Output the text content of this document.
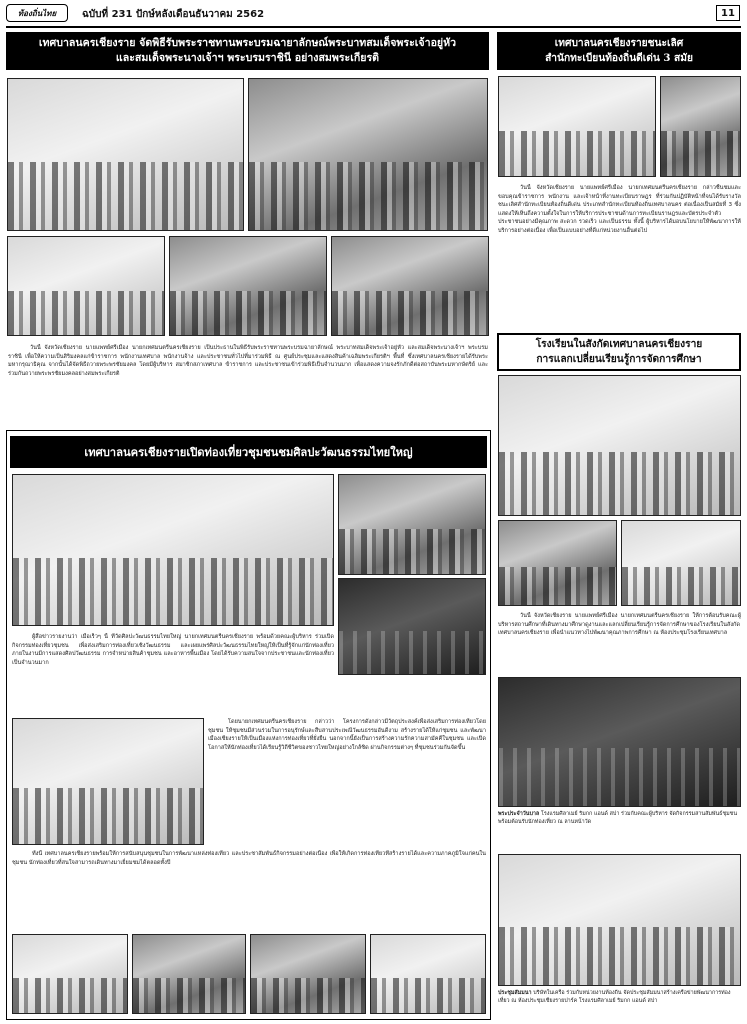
ท้องถิ่นไทย	ฉบับที่ 231 ปักษ์หลังเดือนธันวาคม 2562	11
เทศบาลนครเชียงราย จัดพิธีรับพระราชทานพระบรมฉายาลักษณ์พระบาทสมเด็จพระเจ้าอยู่หัว
และสมเด็จพระนางเจ้าฯ พระบรมราชินี อย่างสมพระเกียรติ
วันนี้ จังหวัดเชียงราย นายแพทย์ศรีเมือง นายกเทศมนตรีนครเชียงราย เป็นประธานในพิธีรับพระราชทานพระบรมฉายาลักษณ์ พระบาทสมเด็จพระเจ้าอยู่หัว และสมเด็จพระนางเจ้าฯ พระบรมราชินี เพื่อให้ความเป็นสิริมงคลแก่ข้าราชการ พนักงานเทศบาล พนักงานจ้าง และประชาชนทั่วไปที่มาร่วมพิธี ณ ศูนย์ประชุมและแสดงสินค้าเฉลิมพระเกียรติฯ พื้นที่ ซึ่งเทศบาลนครเชียงรายได้รับพระมหากรุณาธิคุณ จากนั้นได้จัดพิธีถวายพระพรชัยมงคล โดยมีผู้บริหาร สมาชิกสภาเทศบาล ข้าราชการ และประชาชนเข้าร่วมพิธีเป็นจำนวนมาก เพื่อแสดงความจงรักภักดีต่อสถาบันพระมหากษัตริย์ และร่วมกันถวายพระพรชัยมงคลอย่างสมพระเกียรติ
เทศบาลนครเชียงรายชนะเลิศ
สำนักทะเบียนท้องถิ่นดีเด่น 3 สมัย
วันนี้ จังหวัดเชียงราย นายแพทย์ศรีเมือง นายกเทศมนตรีนครเชียงราย กล่าวชื่นชมและขอบคุณข้าราชการ พนักงาน และเจ้าหน้าที่งานทะเบียนราษฎร ที่ร่วมกันปฏิบัติหน้าที่จนได้รับรางวัลชนะเลิศสำนักทะเบียนท้องถิ่นดีเด่น ประเภทสำนักทะเบียนท้องถิ่นเทศบาลนคร ต่อเนื่องเป็นสมัยที่ 3 ซึ่งแสดงให้เห็นถึงความตั้งใจในการให้บริการประชาชนด้านการทะเบียนราษฎรและบัตรประจำตัวประชาชนอย่างมีคุณภาพ สะดวก รวดเร็ว และเป็นธรรม ทั้งนี้ ผู้บริหารได้มอบนโยบายให้พัฒนาการให้บริการอย่างต่อเนื่อง เพื่อเป็นแบบอย่างที่ดีแก่หน่วยงานอื่นต่อไป
โรงเรียนในสังกัดเทศบาลนครเชียงราย
การแลกเปลี่ยนเรียนรู้การจัดการศึกษา
วันนี้ จังหวัดเชียงราย นายแพทย์ศรีเมือง นายกเทศมนตรีนครเชียงราย ให้การต้อนรับคณะผู้บริหารสถานศึกษาที่เดินทางมาศึกษาดูงานและแลกเปลี่ยนเรียนรู้การจัดการศึกษาของโรงเรียนในสังกัดเทศบาลนครเชียงราย เพื่อนำแนวทางไปพัฒนาคุณภาพการศึกษา ณ ห้องประชุมโรงเรียนเทศบาล
พระประจำวันบาล โรงแรมศิลาเมย์ ริมกก แอนด์ สปา ร่วมกับคณะผู้บริหาร จัดกิจกรรมสานสัมพันธ์ชุมชน พร้อมต้อนรับนักท่องเที่ยว ณ ลานหน้าวัด
ประชุมสัมมนา บริษัทในเครือ ร่วมกับหน่วยงานท้องถิ่น จัดประชุมสัมมนาสร้างเครือข่ายพัฒนาการท่องเที่ยว ณ ห้องประชุมเชียงรายปาร์ค โรงแรมศิลาเมย์ ริมกก แอนด์ สปา
เทศบาลนครเชียงรายเปิดท่องเที่ยวชุมชนชมศิลปะวัฒนธรรมไทยใหญ่
ผู้สื่อข่าวรายงานว่า เมื่อเร็วๆ นี้ ที่วัดศิลปะวัฒนธรรมไทยใหญ่ นายกเทศมนตรีนครเชียงราย พร้อมด้วยคณะผู้บริหาร ร่วมเปิดกิจกรรมท่องเที่ยวชุมชน เพื่อส่งเสริมการท่องเที่ยวเชิงวัฒนธรรม และเผยแพร่ศิลปะวัฒนธรรมไทยใหญ่ให้เป็นที่รู้จักแก่นักท่องเที่ยว ภายในงานมีการแสดงศิลปวัฒนธรรม การจำหน่ายสินค้าชุมชน และอาหารพื้นเมือง โดยได้รับความสนใจจากประชาชนและนักท่องเที่ยวเป็นจำนวนมาก
โดยนายกเทศมนตรีนครเชียงราย กล่าวว่า โครงการดังกล่าวมีวัตถุประสงค์เพื่อส่งเสริมการท่องเที่ยวโดยชุมชน ให้ชุมชนมีส่วนร่วมในการอนุรักษ์และสืบสานประเพณีวัฒนธรรมอันดีงาม สร้างรายได้ให้แก่ชุมชน และพัฒนาเมืองเชียงรายให้เป็นเมืองแห่งการท่องเที่ยวที่ยั่งยืน นอกจากนี้ยังเป็นการสร้างความรักความสามัคคีในชุมชน และเปิดโอกาสให้นักท่องเที่ยวได้เรียนรู้วิถีชีวิตของชาวไทยใหญ่อย่างใกล้ชิด ผ่านกิจกรรมต่างๆ ที่ชุมชนร่วมกันจัดขึ้น
ทั้งนี้ เทศบาลนครเชียงรายพร้อมให้การสนับสนุนชุมชนในการพัฒนาแหล่งท่องเที่ยว และประชาสัมพันธ์กิจกรรมอย่างต่อเนื่อง เพื่อให้เกิดการท่องเที่ยวที่สร้างรายได้และความภาคภูมิใจแก่คนในชุมชน นักท่องเที่ยวที่สนใจสามารถเดินทางมาเยี่ยมชมได้ตลอดทั้งปี
